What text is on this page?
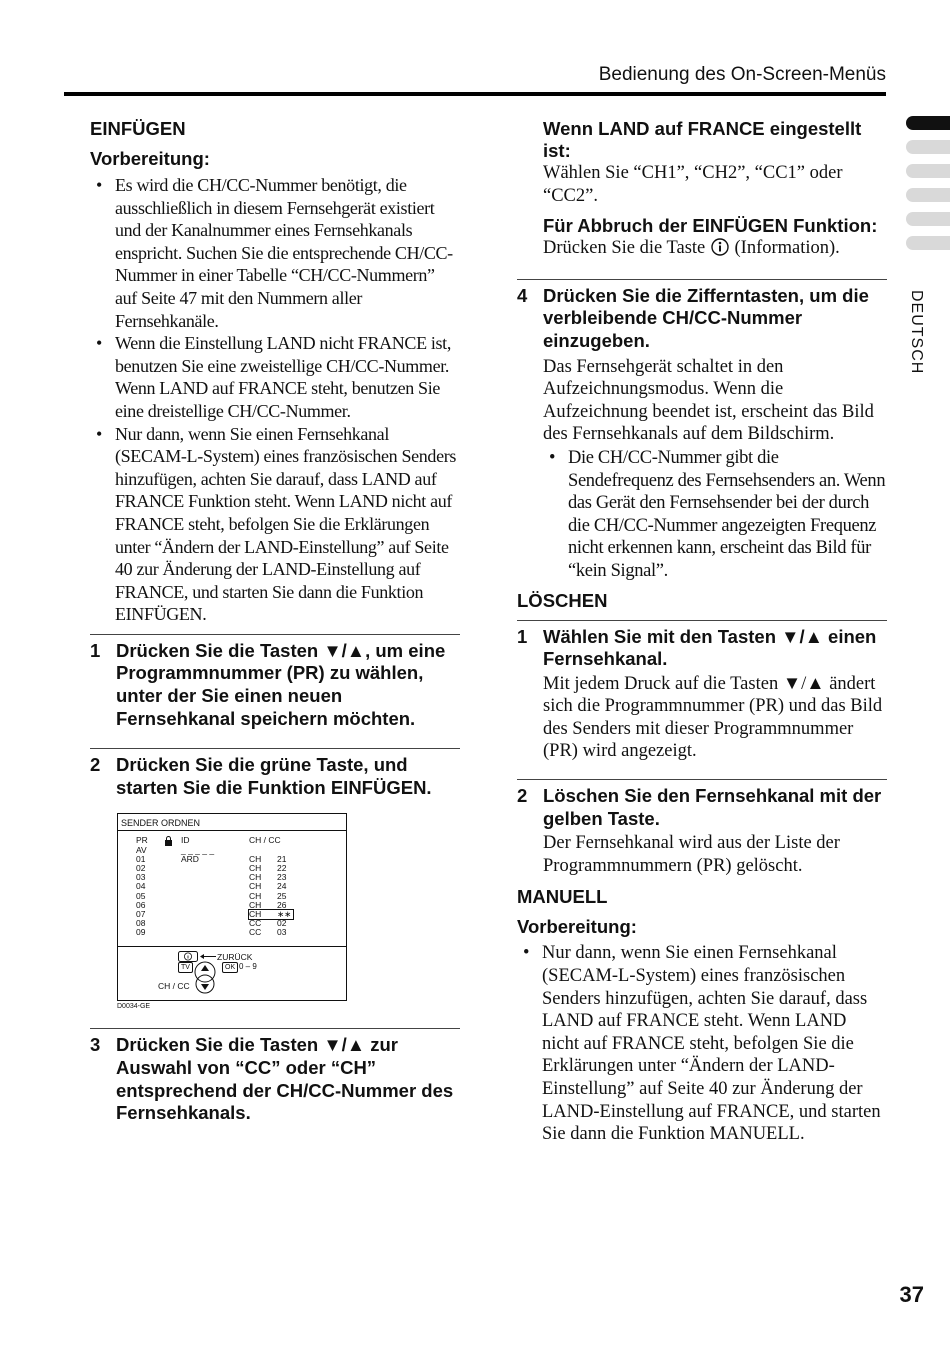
Bedienung des On-Screen-Menüs
DEUTSCH
37
EINFÜGEN
Vorbereitung:
• Es wird die CH/CC-Nummer benötigt, die ausschließlich in diesem Fernsehgerät existiert und der Kanalnummer eines Fernsehkanals enspricht. Suchen Sie die entsprechende CH/CC-Nummer in einer Tabelle “CH/CC-Nummern” auf Seite 47 mit den Nummern aller Fernsehkanäle.
• Wenn die Einstellung LAND nicht FRANCE ist, benutzen Sie eine zweistellige CH/CC-Nummer. Wenn LAND auf FRANCE steht, benutzen Sie eine dreistellige CH/CC-Nummer.
• Nur dann, wenn Sie einen Fernsehkanal (SECAM-L-System) eines französischen Senders hinzufügen, achten Sie darauf, dass LAND auf FRANCE Funktion steht. Wenn LAND nicht auf FRANCE steht, befolgen Sie die Erklärungen unter “Ändern der LAND-Einstellung” auf Seite 40 zur Änderung der LAND-Einstellung auf FRANCE, und starten Sie dann die Funktion EINFÜGEN.
1 Drücken Sie die Tasten ▼/▲, um eine Programmnummer (PR) zu wählen, unter der Sie einen neuen Fernsehkanal speichern möchten.
2 Drücken Sie die grüne Taste, und starten Sie die Funktion EINFÜGEN.
SENDER ORDNEN
PR
AV
01
02
03
04
05
06
07
08
09
ID
_ _ _ _ _
ARD
CH / CC

CH
CH
CH
CH
CH
CH
CH
CC
CC

21
22
23
24
25
26
∗∗
02
03
ZURÜCK
TV	OK 0 – 9
CH / CC
D0034-GE
3 Drücken Sie die Tasten ▼/▲ zur Auswahl von “CC” oder “CH” entsprechend der CH/CC-Nummer des Fernsehkanals.
Wenn LAND auf FRANCE eingestellt ist:
Wählen Sie “CH1”, “CH2”, “CC1” oder “CC2”.
Für Abbruch der EINFÜGEN Funktion:
Drücken Sie die Taste (Information).
4 Drücken Sie die Zifferntasten, um die verbleibende CH/CC-Nummer einzugeben.
Das Fernsehgerät schaltet in den Aufzeichnungsmodus. Wenn die Aufzeichnung beendet ist, erscheint das Bild des Fernsehkanals auf dem Bildschirm.
• Die CH/CC-Nummer gibt die Sendefrequenz des Fernsehsenders an. Wenn das Gerät den Fernsehsender bei der durch die CH/CC-Nummer angezeigten Frequenz nicht erkennen kann, erscheint das Bild für “kein Signal”.
LÖSCHEN
1 Wählen Sie mit den Tasten ▼/▲ einen Fernsehkanal.
Mit jedem Druck auf die Tasten ▼/▲ ändert sich die Programmnummer (PR) und das Bild des Senders mit dieser Programmnummer (PR) wird angezeigt.
2 Löschen Sie den Fernsehkanal mit der gelben Taste.
Der Fernsehkanal wird aus der Liste der Programmnummern (PR) gelöscht.
MANUELL
Vorbereitung:
• Nur dann, wenn Sie einen Fernsehkanal (SECAM-L-System) eines französischen Senders hinzufügen, achten Sie darauf, dass LAND auf FRANCE steht. Wenn LAND nicht auf FRANCE steht, befolgen Sie die Erklärungen unter “Ändern der LAND-Einstellung” auf Seite 40 zur Änderung der LAND-Einstellung auf FRANCE, und starten Sie dann die Funktion MANUELL.
